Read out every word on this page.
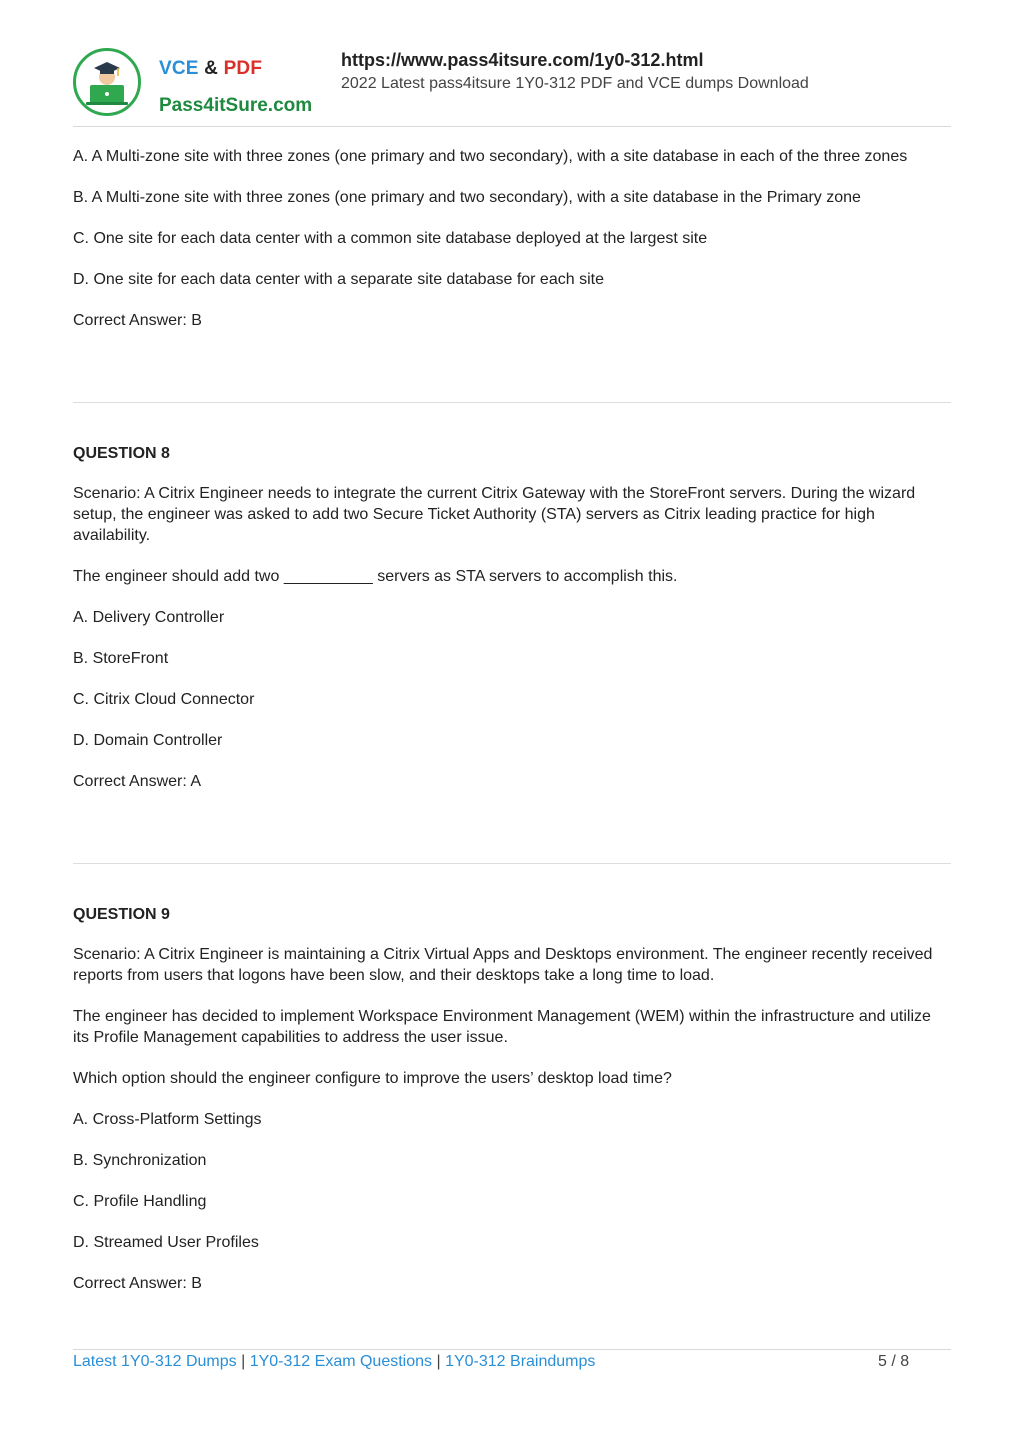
VCE & PDF
Pass4itSure.com
https://www.pass4itsure.com/1y0-312.html
2022 Latest pass4itsure 1Y0-312 PDF and VCE dumps Download

A. A Multi-zone site with three zones (one primary and two secondary), with a site database in each of the three zones

B. A Multi-zone site with three zones (one primary and two secondary), with a site database in the Primary zone

C. One site for each data center with a common site database deployed at the largest site

D. One site for each data center with a separate site database for each site

Correct Answer: B

QUESTION 8

Scenario: A Citrix Engineer needs to integrate the current Citrix Gateway with the StoreFront servers. During the wizard setup, the engineer was asked to add two Secure Ticket Authority (STA) servers as Citrix leading practice for high availability.

The engineer should add two __________ servers as STA servers to accomplish this.

A. Delivery Controller

B. StoreFront

C. Citrix Cloud Connector

D. Domain Controller

Correct Answer: A

QUESTION 9

Scenario: A Citrix Engineer is maintaining a Citrix Virtual Apps and Desktops environment. The engineer recently received reports from users that logons have been slow, and their desktops take a long time to load.

The engineer has decided to implement Workspace Environment Management (WEM) within the infrastructure and utilize its Profile Management capabilities to address the user issue.

Which option should the engineer configure to improve the users’ desktop load time?

A. Cross-Platform Settings

B. Synchronization

C. Profile Handling

D. Streamed User Profiles

Correct Answer: B

Latest 1Y0-312 Dumps | 1Y0-312 Exam Questions | 1Y0-312 Braindumps	5 / 8
